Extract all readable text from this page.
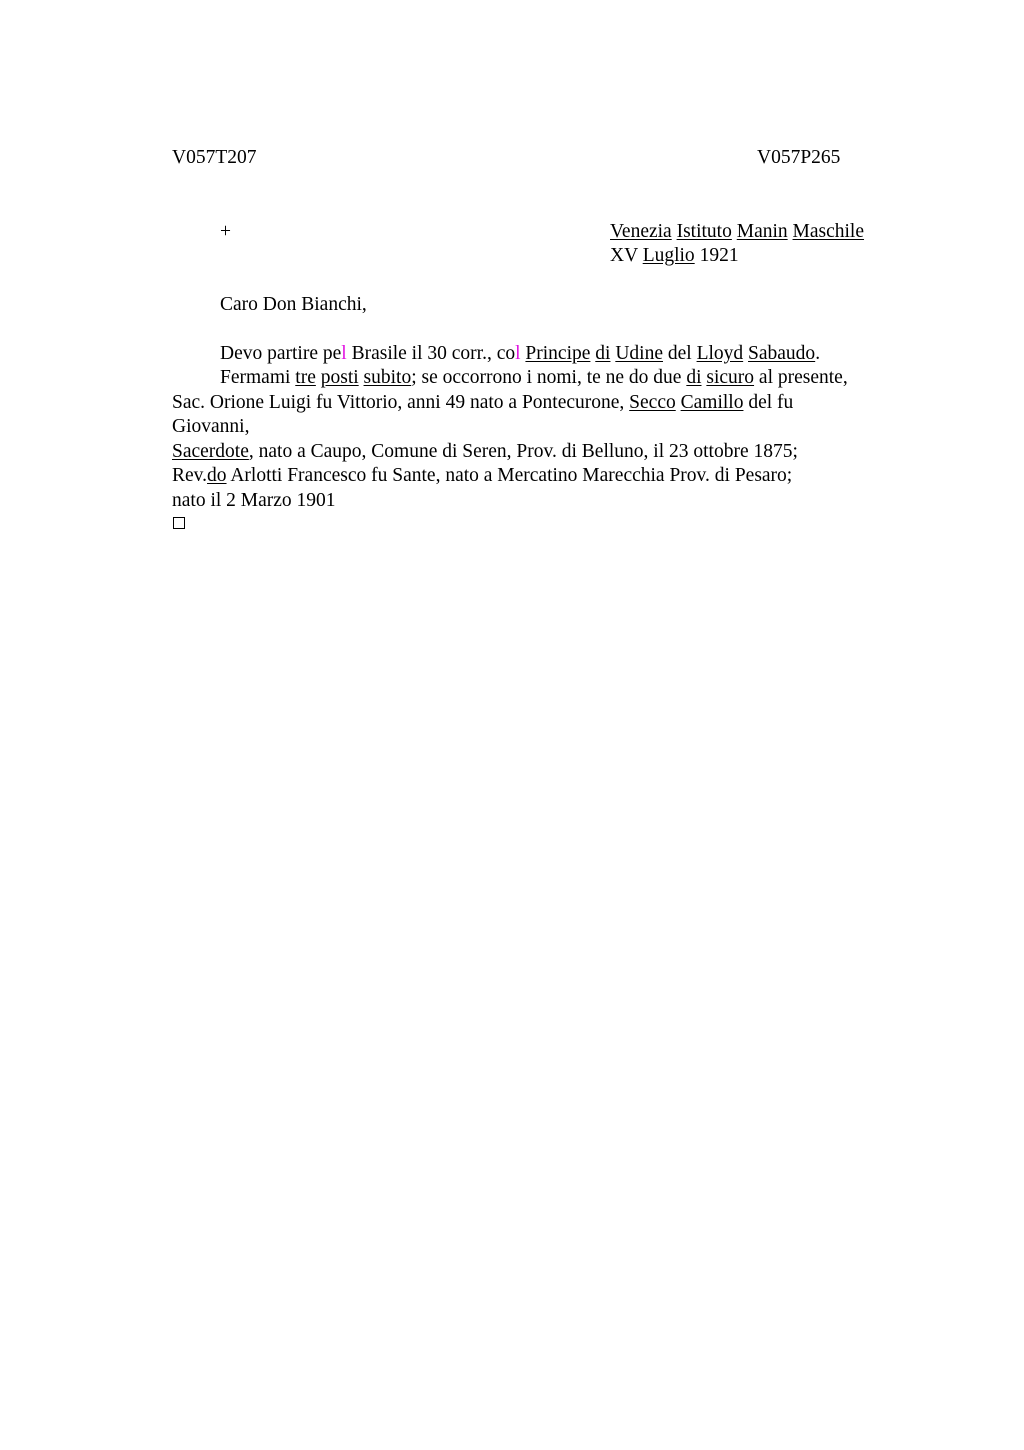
V057T207	V057P265
+	Venezia Istituto Manin Maschile
XV Luglio 1921
Caro Don Bianchi,
Devo partire pel Brasile il 30 corr., col Principe di Udine del Lloyd Sabaudo.
Fermami tre posti subito; se occorrono i nomi, te ne do due di sicuro al presente,
Sac. Orione Luigi fu Vittorio, anni 49 nato a Pontecurone, Secco Camillo del fu
Giovanni,
Sacerdote, nato a Caupo, Comune di Seren, Prov. di Belluno, il 23 ottobre 1875;
Rev.do Arlotti Francesco fu Sante, nato a Mercatino Marecchia Prov. di Pesaro;
nato il 2 Marzo 1901
